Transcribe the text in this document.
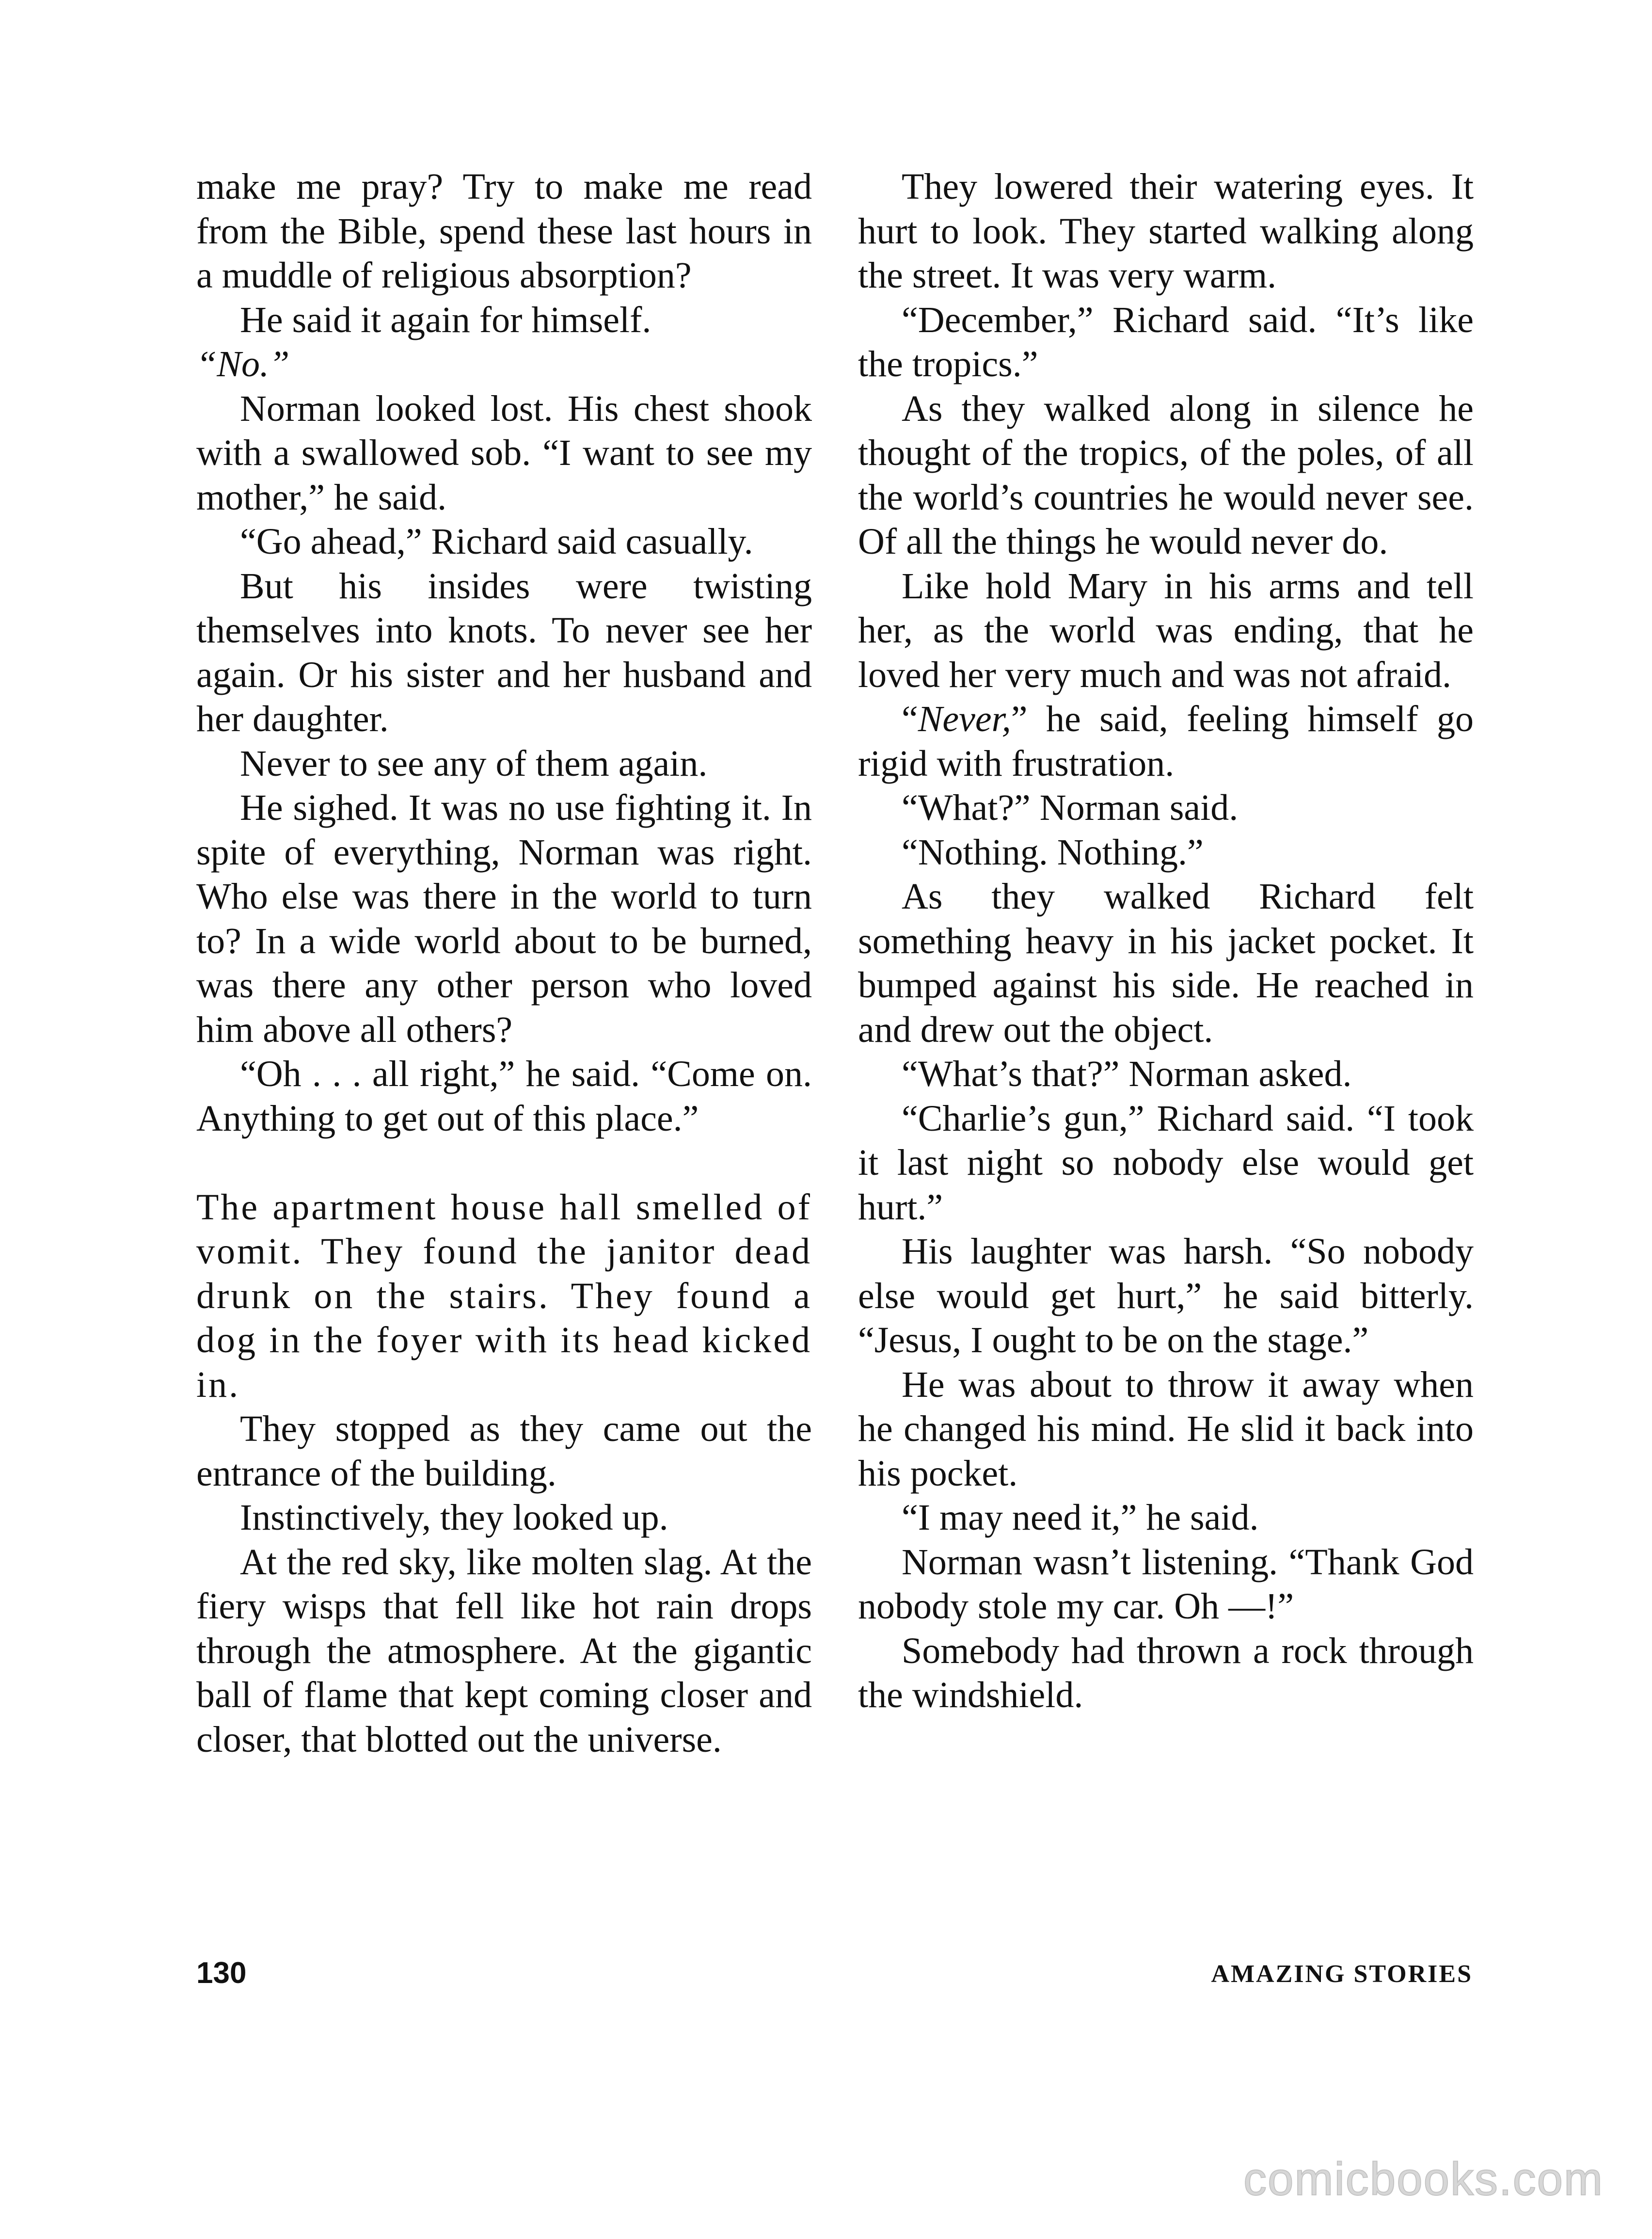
make me pray? Try to make me read from the Bible, spend these last hours in a muddle of religious absorption?

He said it again for himself.

“No.”

Norman looked lost. His chest shook with a swallowed sob. “I want to see my mother,” he said.

“Go ahead,” Richard said casually.

But his insides were twisting themselves into knots. To never see her again. Or his sister and her husband and her daughter.

Never to see any of them again.

He sighed. It was no use fighting it. In spite of everything, Norman was right. Who else was there in the world to turn to? In a wide world about to be burned, was there any other person who loved him above all others?

“Oh . . . all right,” he said. “Come on. Anything to get out of this place.”

The apartment house hall smelled of vomit. They found the janitor dead drunk on the stairs. They found a dog in the foyer with its head kicked in.

They stopped as they came out the entrance of the building.

Instinctively, they looked up.

At the red sky, like molten slag. At the fiery wisps that fell like hot rain drops through the atmosphere. At the gigantic ball of flame that kept coming closer and closer, that blotted out the universe.

They lowered their watering eyes. It hurt to look. They started walking along the street. It was very warm.

“December,” Richard said. “It’s like the tropics.”

As they walked along in silence he thought of the tropics, of the poles, of all the world’s countries he would never see. Of all the things he would never do.

Like hold Mary in his arms and tell her, as the world was ending, that he loved her very much and was not afraid.

“Never,” he said, feeling himself go rigid with frustration.

“What?” Norman said.

“Nothing. Nothing.”

As they walked Richard felt something heavy in his jacket pocket. It bumped against his side. He reached in and drew out the object.

“What’s that?” Norman asked.

“Charlie’s gun,” Richard said. “I took it last night so nobody else would get hurt.”

His laughter was harsh. “So nobody else would get hurt,” he said bitterly. “Jesus, I ought to be on the stage.”

He was about to throw it away when he changed his mind. He slid it back into his pocket.

“I may need it,” he said.

Norman wasn’t listening. “Thank God nobody stole my car. Oh —!”

Somebody had thrown a rock through the windshield.

130	AMAZING STORIES
comicbooks.com
